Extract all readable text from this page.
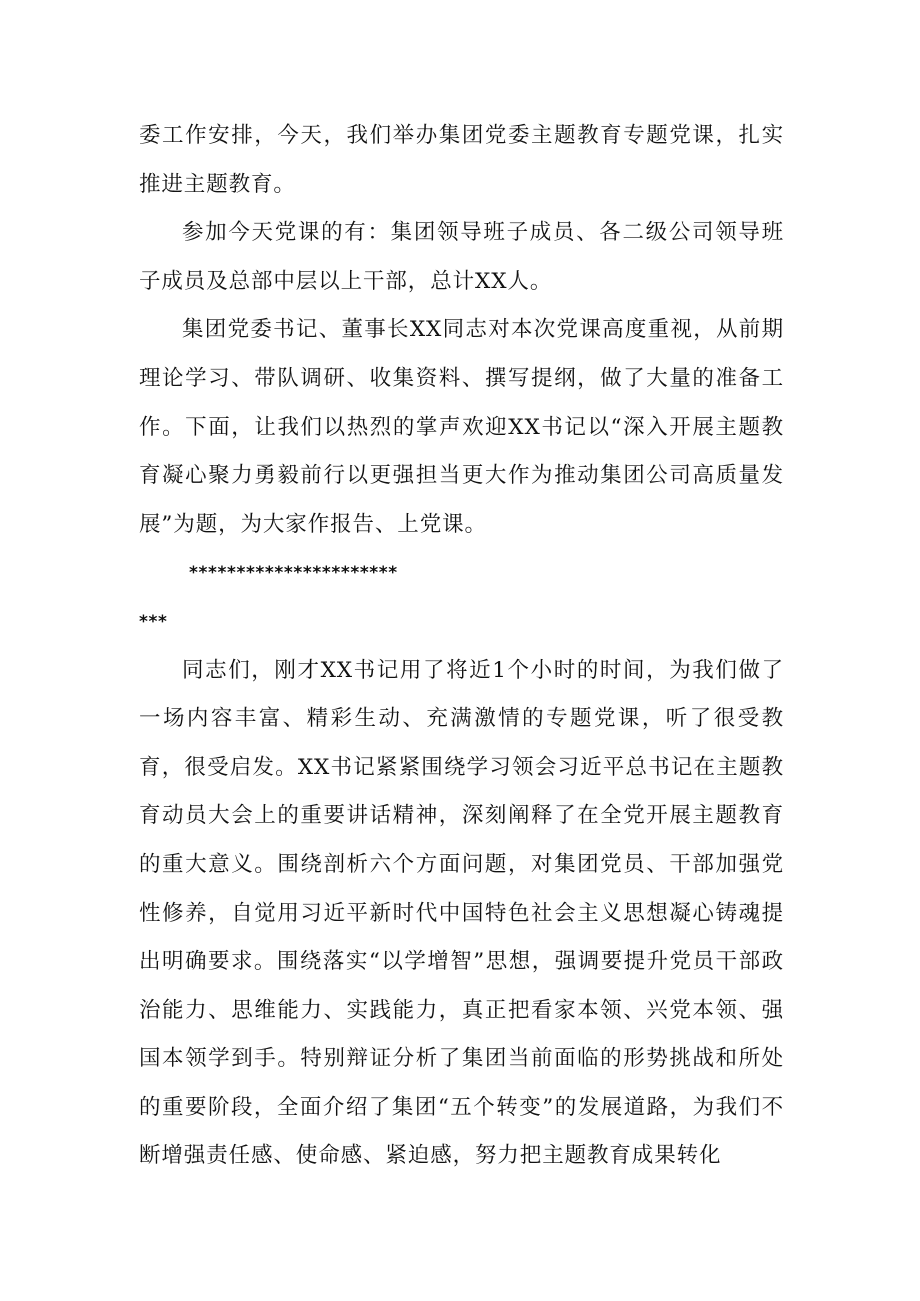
委工作安排，今天，我们举办集团党委主题教育专题党课，扎实推进主题教育。

参加今天党课的有：集团领导班子成员、各二级公司领导班子成员及总部中层以上干部，总计XX人。

集团党委书记、董事长XX同志对本次党课高度重视，从前期理论学习、带队调研、收集资料、撰写提纲，做了大量的准备工作。下面，让我们以热烈的掌声欢迎XX书记以“深入开展主题教育凝心聚力勇毅前行以更强担当更大作为推动集团公司高质量发展”为题，为大家作报告、上党课。

**********************

***

同志们，刚才XX书记用了将近1个小时的时间，为我们做了一场内容丰富、精彩生动、充满激情的专题党课，听了很受教育，很受启发。XX书记紧紧围绕学习领会习近平总书记在主题教育动员大会上的重要讲话精神，深刻阐释了在全党开展主题教育的重大意义。围绕剖析六个方面问题，对集团党员、干部加强党性修养，自觉用习近平新时代中国特色社会主义思想凝心铸魂提出明确要求。围绕落实“以学增智”思想，强调要提升党员干部政治能力、思维能力、实践能力，真正把看家本领、兴党本领、强国本领学到手。特别辩证分析了集团当前面临的形势挑战和所处的重要阶段，全面介绍了集团“五个转变”的发展道路，为我们不断增强责任感、使命感、紧迫感，努力把主题教育成果转化
